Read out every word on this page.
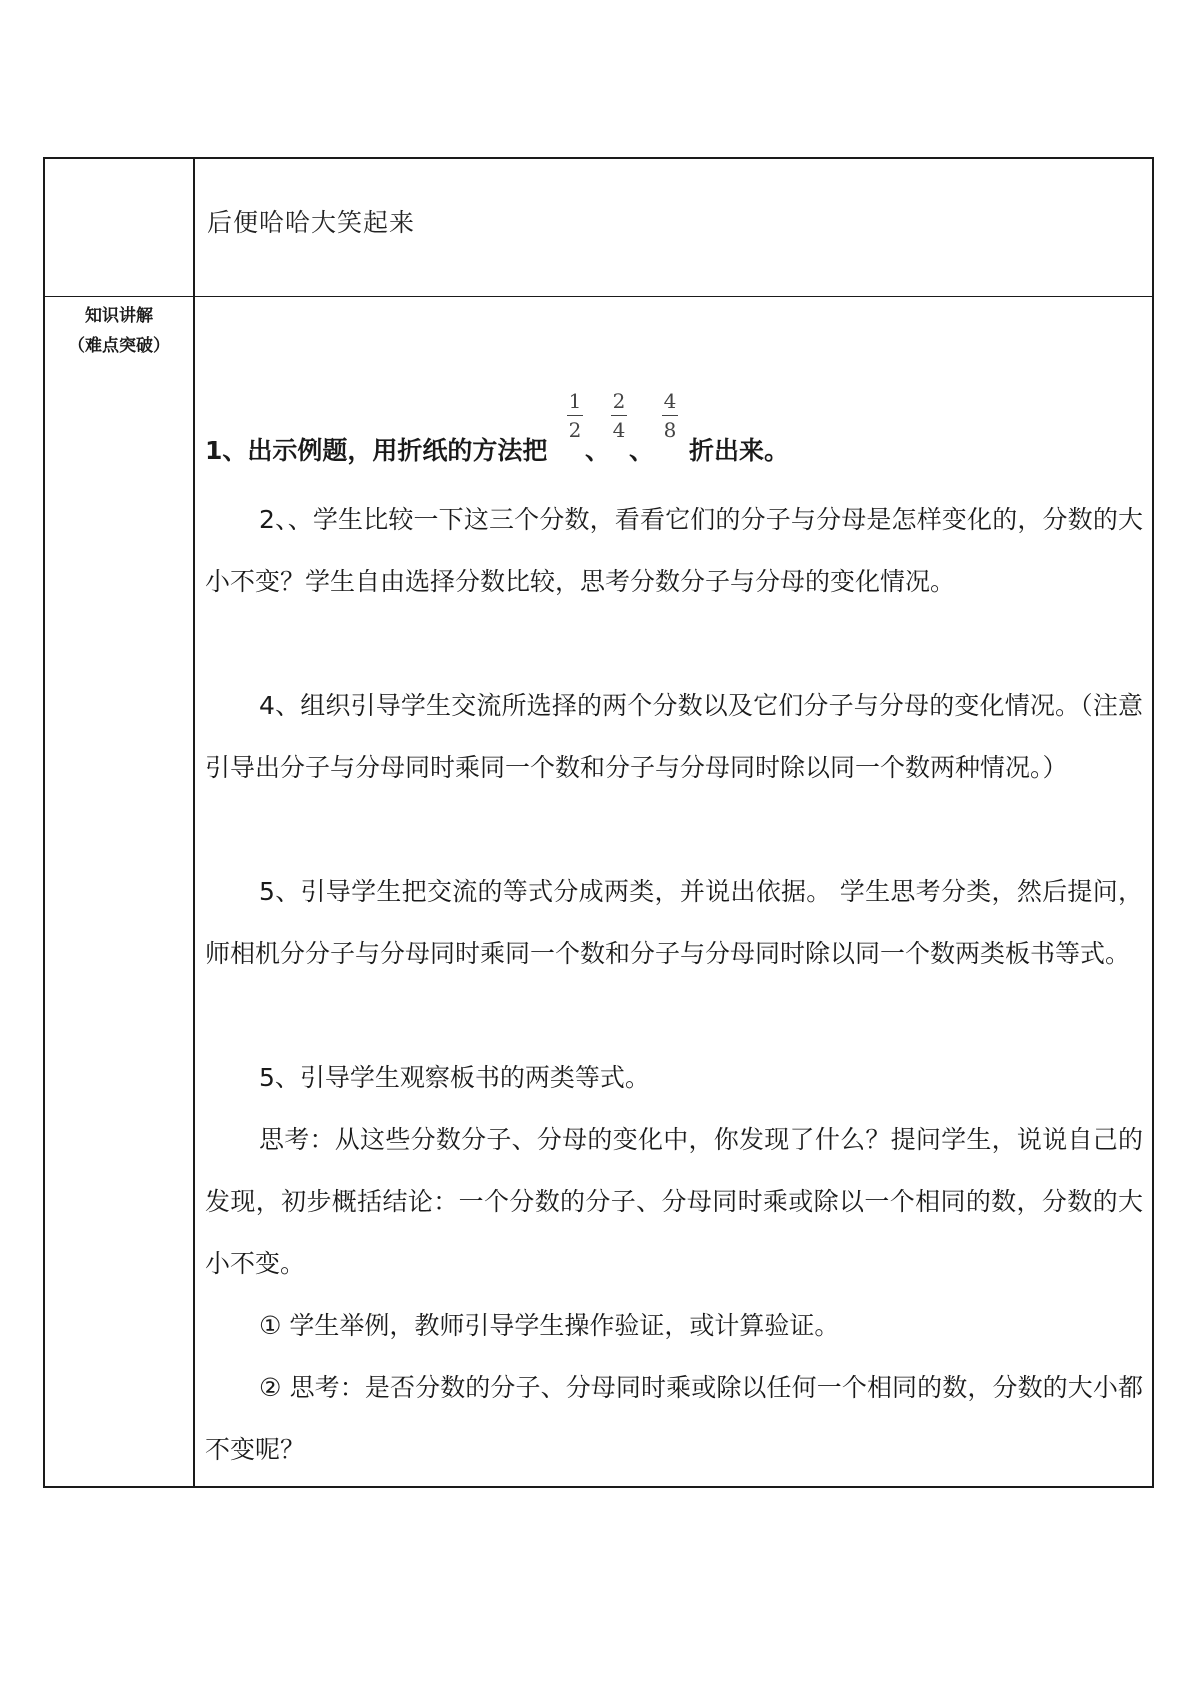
后便哈哈大笑起来
知识讲解
（难点突破）
1、出示例题，用折纸的方法把
1
2
、
2
4
、
4
8
折出来。

2、、学生比较一下这三个分数，看看它们的分子与分母是怎样变化的，分数的大小不变？学生自由选择分数比较，思考分数分子与分母的变化情况。

4、组织引导学生交流所选择的两个分数以及它们分子与分母的变化情况。（注意引导出分子与分母同时乘同一个数和分子与分母同时除以同一个数两种情况。）

5、引导学生把交流的等式分成两类，并说出依据。 学生思考分类，然后提问，师相机分分子与分母同时乘同一个数和分子与分母同时除以同一个数两类板书等式。

5、引导学生观察板书的两类等式。

思考：从这些分数分子、分母的变化中，你发现了什么？提问学生，说说自己的发现，初步概括结论：一个分数的分子、分母同时乘或除以一个相同的数，分数的大小不变。

① 学生举例，教师引导学生操作验证，或计算验证。

② 思考：是否分数的分子、分母同时乘或除以任何一个相同的数，分数的大小都不变呢？
